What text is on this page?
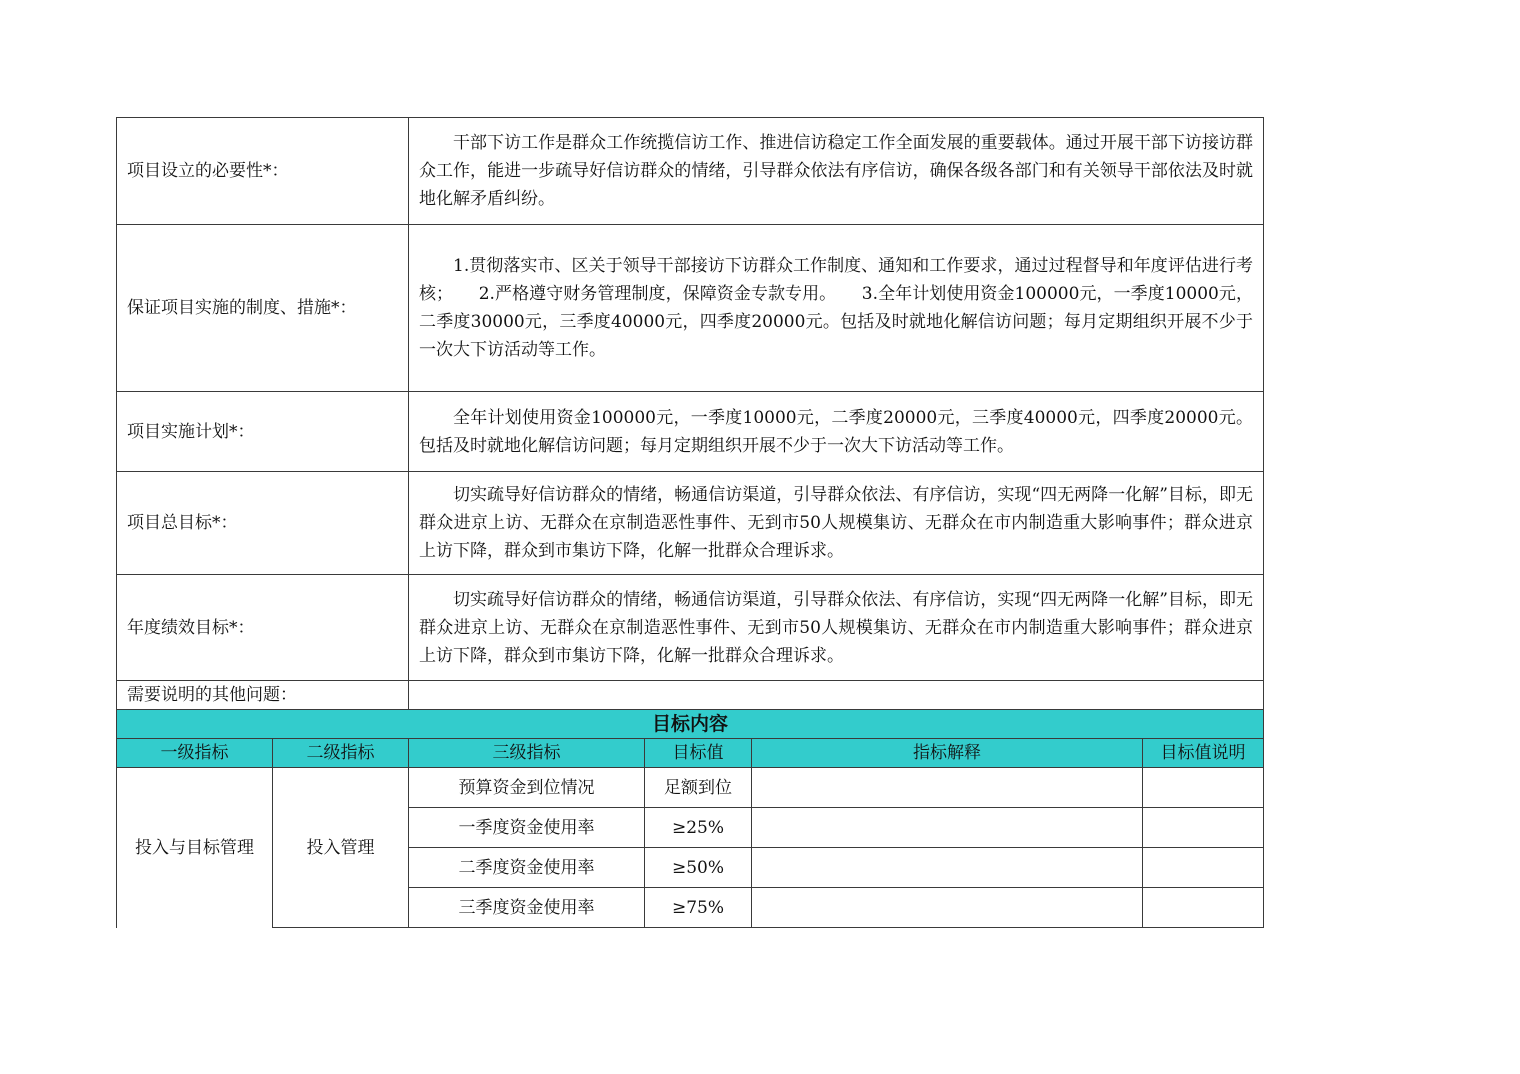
项目设立的必要性*：		干部下访工作是群众工作统揽信访工作、推进信访稳定工作全面发展的重要载体。通过开展干部下访接访群众工作，能进一步疏导好信访群众的情绪，引导群众依法有序信访，确保各级各部门和有关领导干部依法及时就地化解矛盾纠纷。			
保证项目实施的制度、措施*：		1.贯彻落实市、区关于领导干部接访下访群众工作制度、通知和工作要求，通过过程督导和年度评估进行考核；　　2.严格遵守财务管理制度，保障资金专款专用。　　3.全年计划使用资金100000元，一季度10000元，二季度30000元，三季度40000元，四季度20000元。包括及时就地化解信访问题；每月定期组织开展不少于一次大下访活动等工作。			
项目实施计划*：		全年计划使用资金100000元，一季度10000元，二季度20000元，三季度40000元，四季度20000元。包括及时就地化解信访问题；每月定期组织开展不少于一次大下访活动等工作。			
项目总目标*：		切实疏导好信访群众的情绪，畅通信访渠道，引导群众依法、有序信访，实现“四无两降一化解”目标，即无群众进京上访、无群众在京制造恶性事件、无到市50人规模集访、无群众在市内制造重大影响事件；群众进京上访下降，群众到市集访下降，化解一批群众合理诉求。			
年度绩效目标*：		切实疏导好信访群众的情绪，畅通信访渠道，引导群众依法、有序信访，实现“四无两降一化解”目标，即无群众进京上访、无群众在京制造恶性事件、无到市50人规模集访、无群众在市内制造重大影响事件；群众进京上访下降，群众到市集访下降，化解一批群众合理诉求。			
需要说明的其他问题：					
目标内容					
一级指标	二级指标	三级指标	目标值	指标解释	目标值说明
投入与目标管理	投入管理	预算资金到位情况	足额到位		
		一季度资金使用率	≥25%		
		二季度资金使用率	≥50%		
		三季度资金使用率	≥75%		
